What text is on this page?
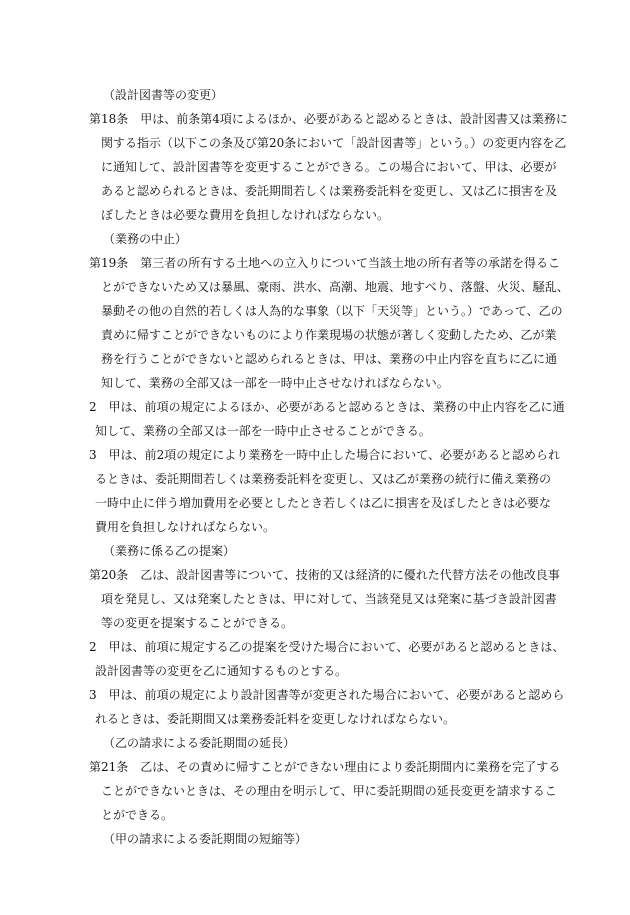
（設計図書等の変更）
第18条　甲は、前条第4項によるほか、必要があると認めるときは、設計図書又は業務に
関する指示（以下この条及び第20条において「設計図書等」という。）の変更内容を乙
に通知して、設計図書等を変更することができる。この場合において、甲は、必要が
あると認められるときは、委託期間若しくは業務委託料を変更し、又は乙に損害を及
ぼしたときは必要な費用を負担しなければならない。
（業務の中止）
第19条　第三者の所有する土地への立入りについて当該土地の所有者等の承諾を得るこ
とができないため又は暴風、豪雨、洪水、高潮、地震、地すべり、落盤、火災、騒乱、
暴動その他の自然的若しくは人為的な事象（以下「天災等」という。）であって、乙の
責めに帰すことができないものにより作業現場の状態が著しく変動したため、乙が業
務を行うことができないと認められるときは、甲は、業務の中止内容を直ちに乙に通
知して、業務の全部又は一部を一時中止させなければならない。
2　甲は、前項の規定によるほか、必要があると認めるときは、業務の中止内容を乙に通
知して、業務の全部又は一部を一時中止させることができる。
3　甲は、前2項の規定により業務を一時中止した場合において、必要があると認められ
るときは、委託期間若しくは業務委託料を変更し、又は乙が業務の続行に備え業務の
一時中止に伴う増加費用を必要としたとき若しくは乙に損害を及ぼしたときは必要な
費用を負担しなければならない。
（業務に係る乙の提案）
第20条　乙は、設計図書等について、技術的又は経済的に優れた代替方法その他改良事
項を発見し、又は発案したときは、甲に対して、当該発見又は発案に基づき設計図書
等の変更を提案することができる。
2　甲は、前項に規定する乙の提案を受けた場合において、必要があると認めるときは、
設計図書等の変更を乙に通知するものとする。
3　甲は、前項の規定により設計図書等が変更された場合において、必要があると認めら
れるときは、委託期間又は業務委託料を変更しなければならない。
（乙の請求による委託期間の延長）
第21条　乙は、その責めに帰すことができない理由により委託期間内に業務を完了する
ことができないときは、その理由を明示して、甲に委託期間の延長変更を請求するこ
とができる。
（甲の請求による委託期間の短縮等）
